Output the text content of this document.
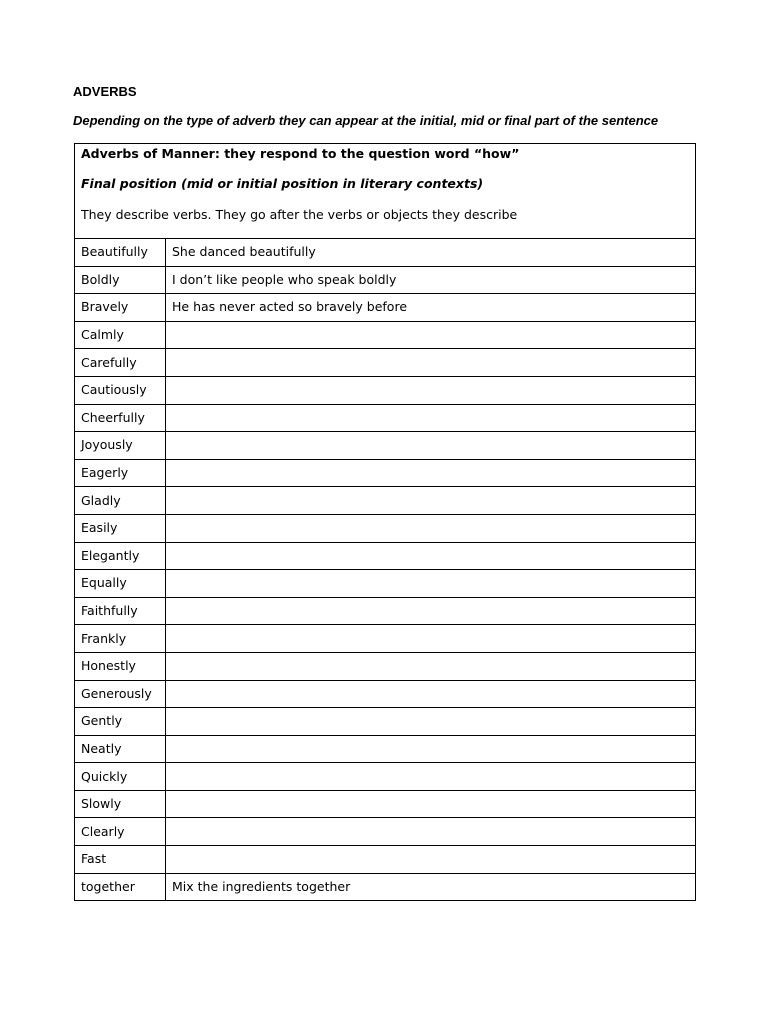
ADVERBS

Depending on the type of adverb they can appear at the initial, mid or final part of the sentence

Adverbs of Manner: they respond to the question word “how”
Final position (mid or initial position in literary contexts)
They describe verbs. They go after the verbs or objects they describe	

Beautifully	She danced beautifully
Boldly	I don’t like people who speak boldly
Bravely	He has never acted so bravely before
Calmly	
Carefully	
Cautiously	
Cheerfully	
Joyously	
Eagerly	
Gladly	
Easily	
Elegantly	
Equally	
Faithfully	
Frankly	
Honestly	
Generously	
Gently	
Neatly	
Quickly	
Slowly	
Clearly	
Fast	
together	Mix the ingredients together
